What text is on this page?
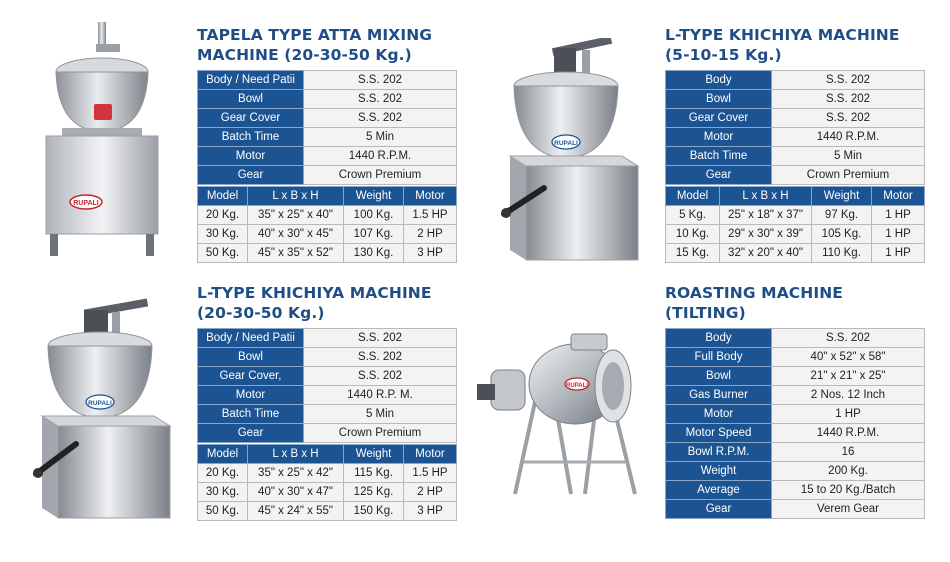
RUPALI
TAPELA TYPE ATTA MIXING
MACHINE (20-30-50 Kg.)
Body / Need Patii	S.S. 202
Bowl	S.S. 202
Gear Cover	S.S. 202
Batch Time	5 Min
Motor	1440 R.P.M.
Gear	Crown Premium
Model	L x B x H	Weight	Motor
20 Kg.	35" x 25" x 40"	100 Kg.	1.5 HP
30 Kg.	40" x 30" x 45"	107 Kg.	2 HP
50 Kg.	45" x 35" x 52"	130 Kg.	3 HP
RUPALI
L-TYPE KHICHIYA MACHINE
(5-10-15 Kg.)
Body	S.S. 202
Bowl	S.S. 202
Gear Cover	S.S. 202
Motor	1440 R.P.M.
Batch Time	5 Min
Gear	Crown Premium
Model	L x B x H	Weight	Motor
5 Kg.	25" x 18" x 37"	97 Kg.	1 HP
10 Kg.	29" x 30" x 39"	105 Kg.	1 HP
15 Kg.	32" x 20" x 40"	110 Kg.	1 HP
RUPALI
L-TYPE KHICHIYA MACHINE
(20-30-50 Kg.)
Body / Need Patii	S.S. 202
Bowl	S.S. 202
Gear Cover,	S.S. 202
Motor	1440 R.P. M.
Batch Time	5 Min
Gear	Crown Premium
Model	L x B x H	Weight	Motor
20 Kg.	35" x 25" x 42"	115 Kg.	1.5 HP
30 Kg.	40" x 30" x 47"	125 Kg.	2 HP
50 Kg.	45" x 24" x 55"	150 Kg.	3 HP
RUPALI
ROASTING MACHINE
(TILTING)
Body	S.S. 202
Full Body	40" x 52" x 58"
Bowl	21" x 21" x 25"
Gas Burner	2 Nos. 12 Inch
Motor	1 HP
Motor Speed	1440 R.P.M.
Bowl R.P.M.	16
Weight	200 Kg.
Average	15 to 20 Kg./Batch
Gear	Verem Gear
